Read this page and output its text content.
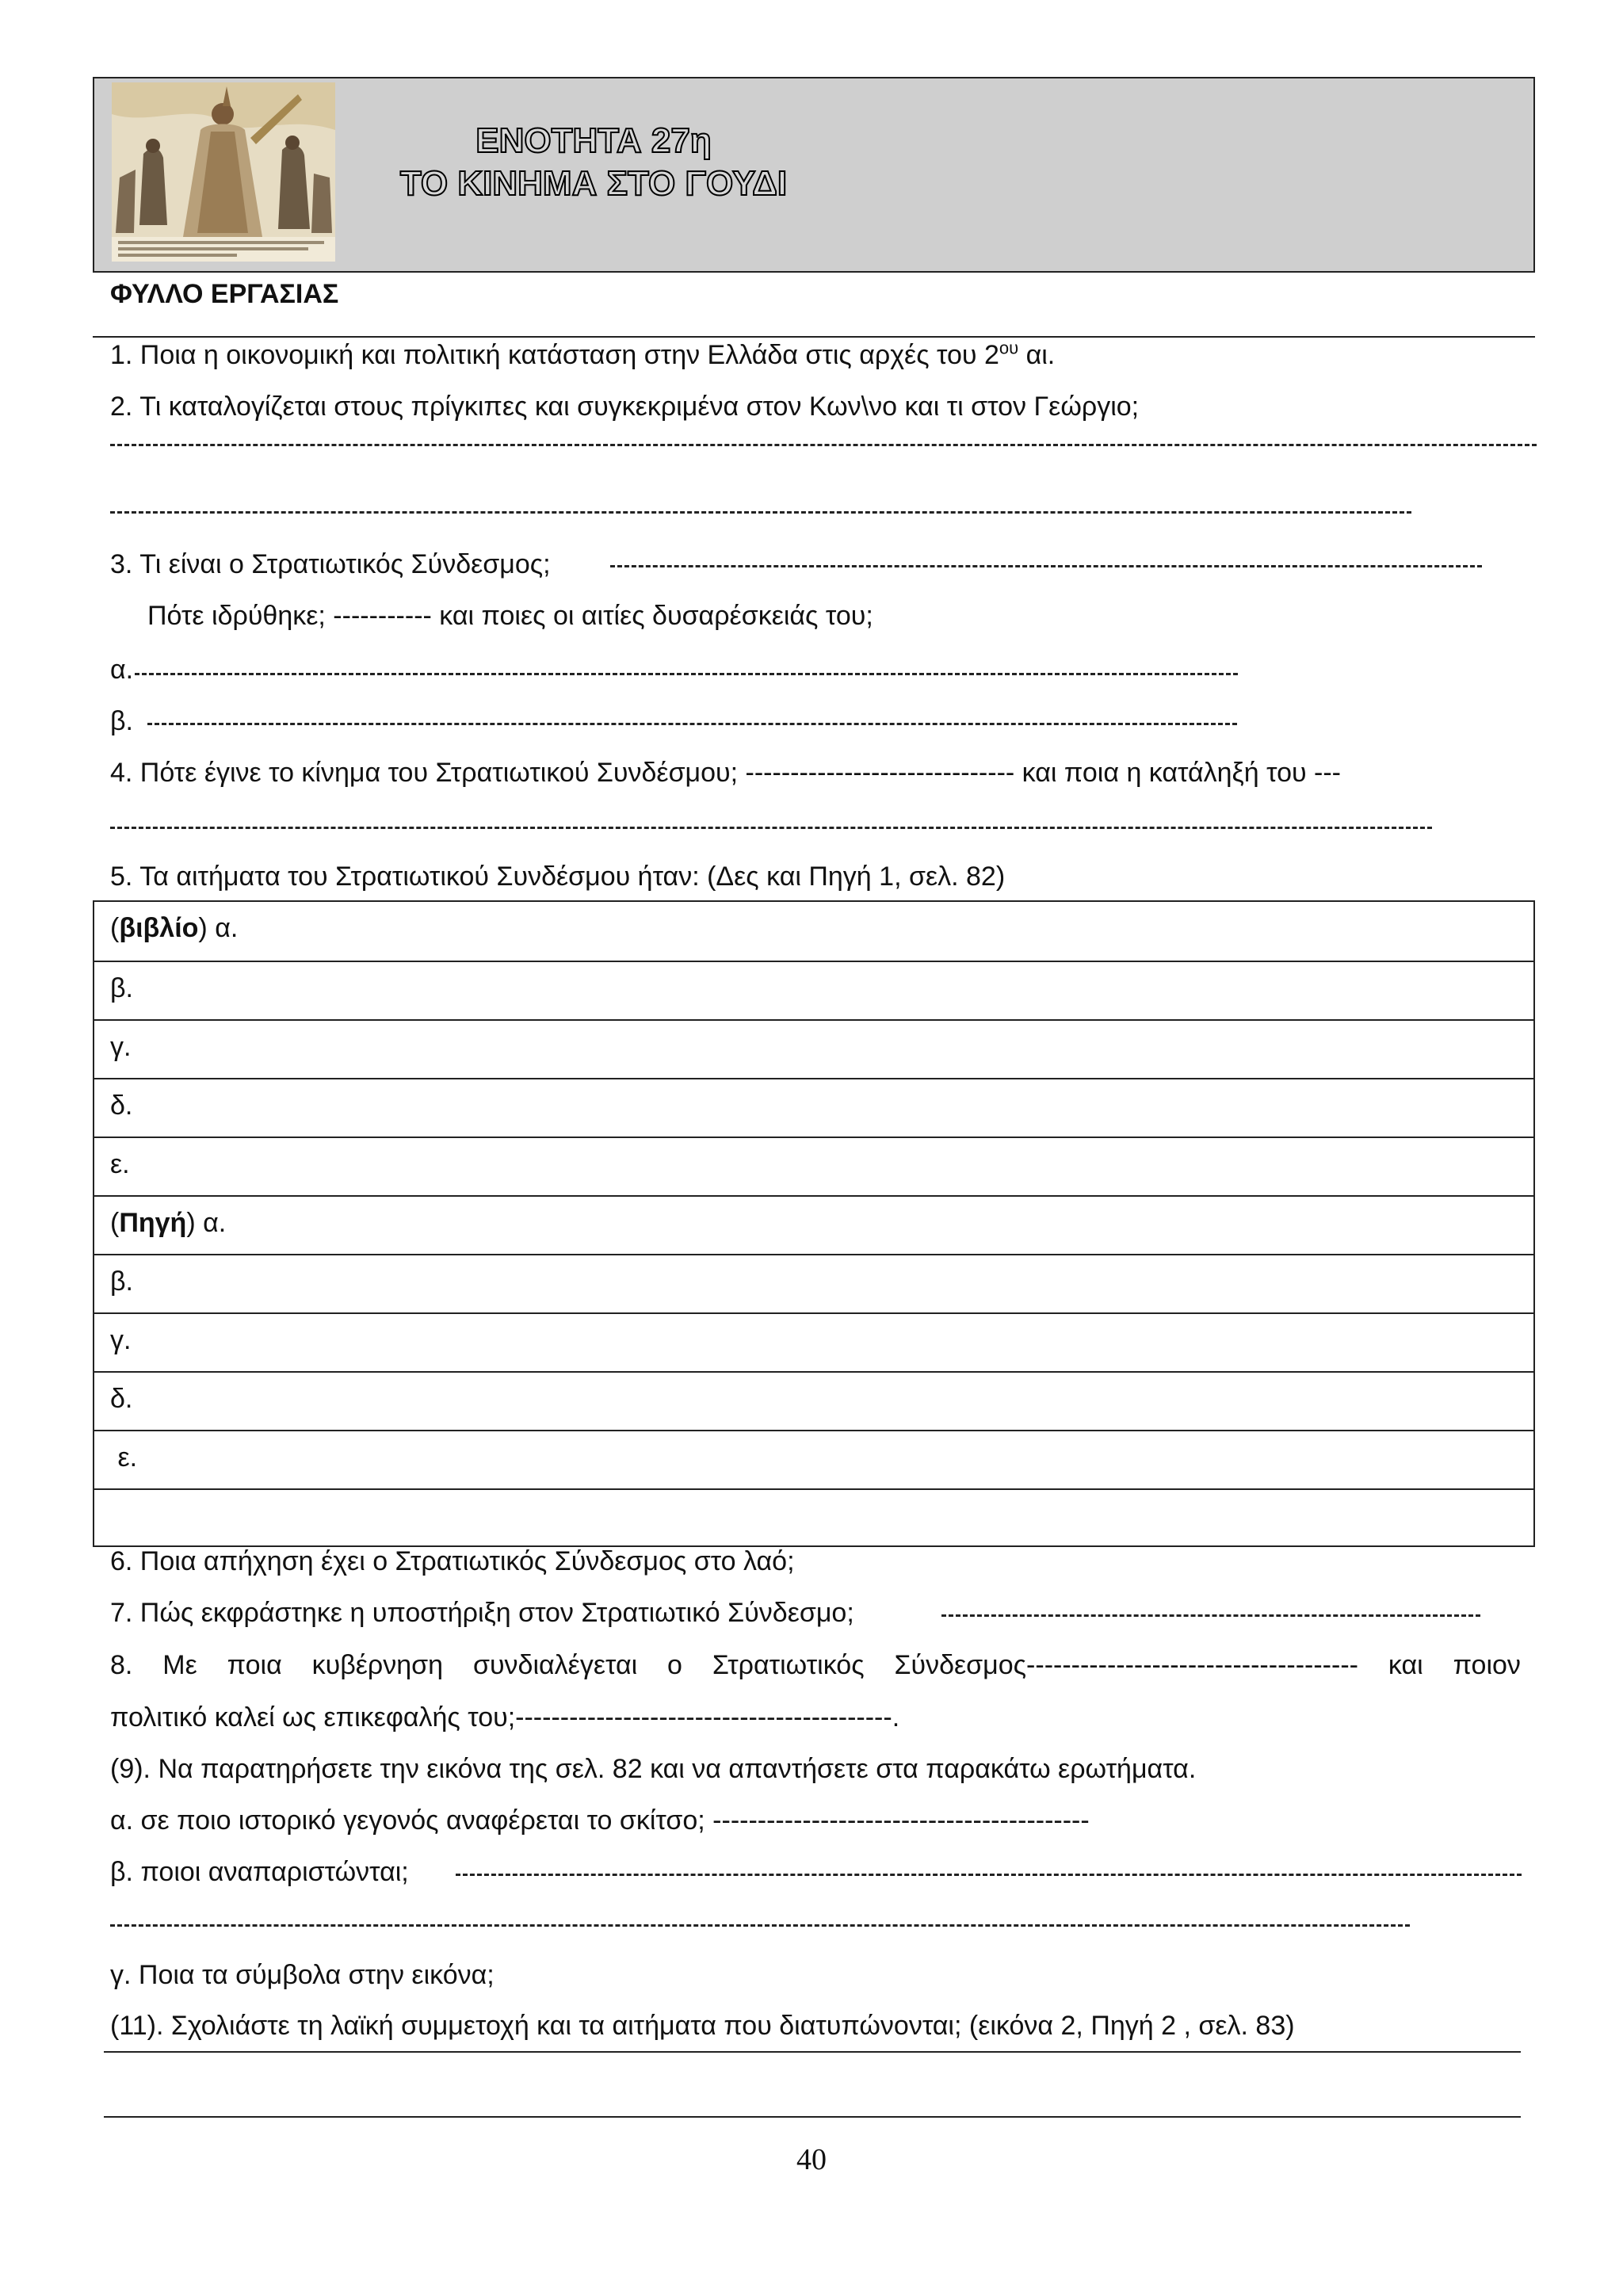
ΕΝΟΤΗΤΑ 27η
ΤΟ ΚΙΝΗΜΑ ΣΤΟ ΓΟΥΔΙ
ΦΥΛΛΟ ΕΡΓΑΣΙΑΣ
1. Ποια η οικονομική και πολιτική κατάσταση στην Ελλάδα στις αρχές του $2^{o\upsilon}$ αι.
2. Τι καταλογίζεται στους πρίγκιπες και συγκεκριμένα στον Κων\νο και τι στον Γεώργιο;
3. Τι είναι ο Στρατιωτικός Σύνδεσμος;
Πότε ιδρύθηκε; ----------- και ποιες οι αιτίες δυσαρέσκειάς του;
α.
β.
4. Πότε έγινε το κίνημα του Στρατιωτικού Συνδέσμου; ------------------------------ και ποια η κατάληξή του ---
5. Τα αιτήματα του Στρατιωτικού Συνδέσμου ήταν: (Δες και Πηγή 1, σελ. 82)
(βιβλίο) α.
β.
γ.
δ.
ε.
(Πηγή) α.
β.
γ.
δ.
ε.
6. Ποια απήχηση έχει ο Στρατιωτικός Σύνδεσμος στο λαό;
7. Πώς εκφράστηκε η υποστήριξη στον Στρατιωτικό Σύνδεσμο;
8. Με ποια κυβέρνηση συνδιαλέγεται ο Στρατιωτικός Σύνδεσμος------------------------------------- και ποιον
πολιτικό καλεί ως επικεφαλής του;------------------------------------------.
(9). Να παρατηρήσετε την εικόνα της σελ. 82 και να απαντήσετε στα παρακάτω ερωτήματα.
α. σε ποιο ιστορικό γεγονός αναφέρεται το σκίτσο; ------------------------------------------
β. ποιοι αναπαριστώνται;
γ. Ποια τα σύμβολα στην εικόνα;
(11). Σχολιάστε τη λαϊκή συμμετοχή και τα αιτήματα που διατυπώνονται; (εικόνα 2, Πηγή 2 , σελ. 83)
40
